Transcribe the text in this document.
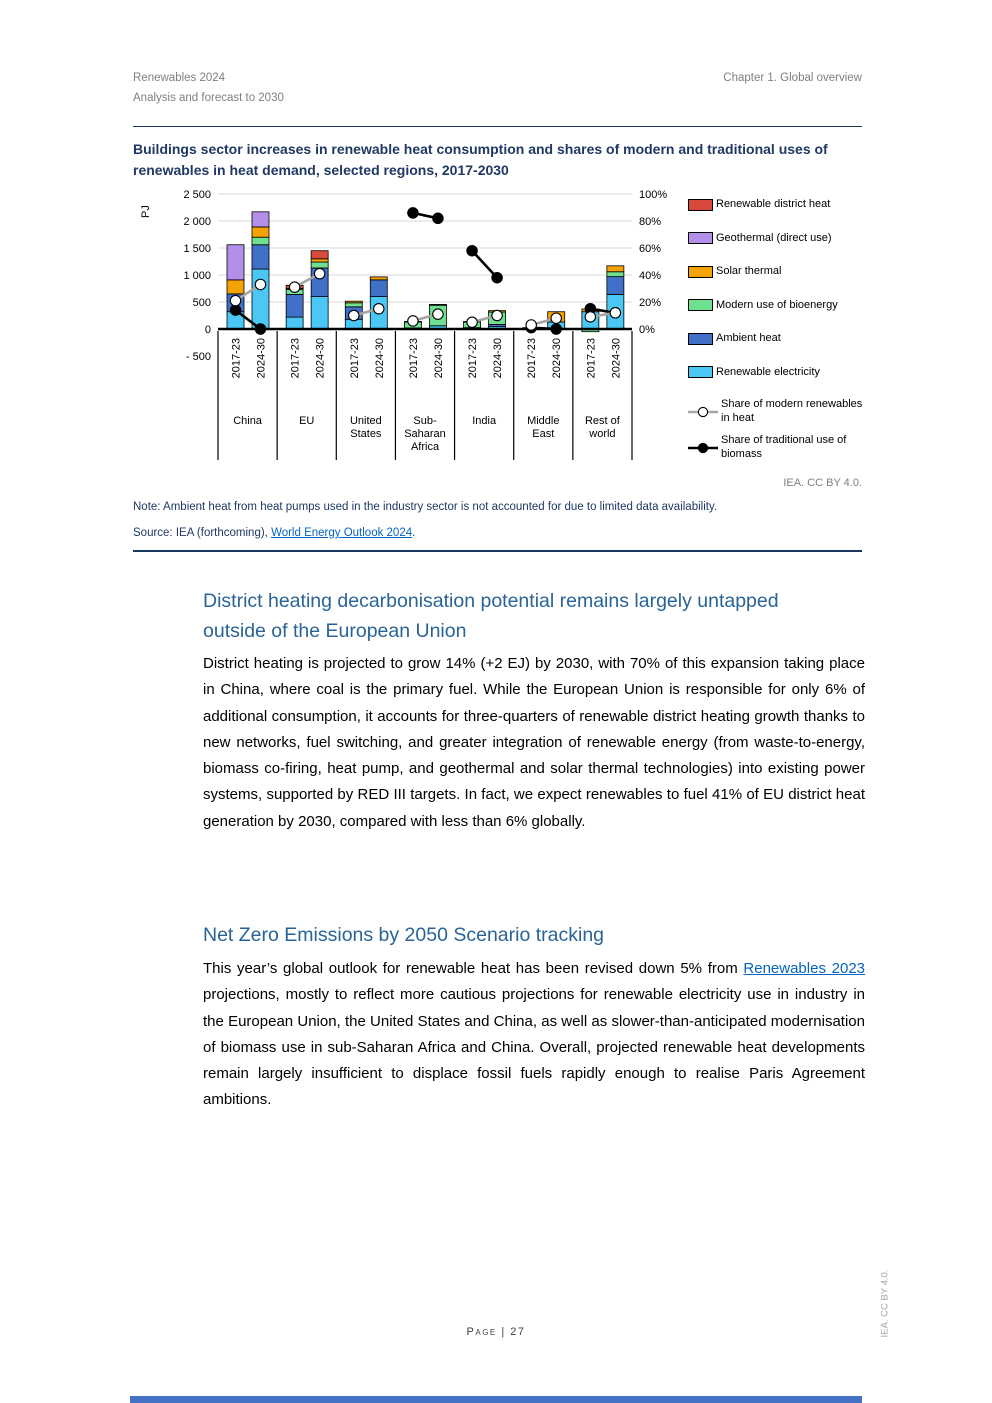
Renewables 2024
Analysis and forecast to 2030
Chapter 1. Global overview
Buildings sector increases in renewable heat consumption and shares of modern and traditional uses of renewables in heat demand, selected regions, 2017-2030
2 500
2 000
1 500
1 000
500
0
- 500
100%
80%
60%
40%
20%
0%
PJ
2017-23 2024-30 2017-23 2024-30 2017-23 2024-30 2017-23 2024-30 2017-23 2024-30 2017-23 2024-30 2017-23 2024-30
China	EU	United States
Sub-Saharan Africa
India	Middle East
Rest of world
Renewable district heat
Geothermal (direct use)
Solar thermal
Modern use of bioenergy
Ambient heat
Renewable electricity
Share of modern renewables in heat
Share of traditional use of biomass
IEA. CC BY 4.0.
Note: Ambient heat from heat pumps used in the industry sector is not accounted for due to limited data availability.
Source: IEA (forthcoming), World Energy Outlook 2024.
District heating decarbonisation potential remains largely untapped outside of the European Union
District heating is projected to grow 14% (+2 EJ) by 2030, with 70% of this expansion taking place in China, where coal is the primary fuel. While the European Union is responsible for only 6% of additional consumption, it accounts for three-quarters of renewable district heating growth thanks to new networks, fuel switching, and greater integration of renewable energy (from waste-to-energy, biomass co-firing, heat pump, and geothermal and solar thermal technologies) into existing power systems, supported by RED III targets. In fact, we expect renewables to fuel 41% of EU district heat generation by 2030, compared with less than 6% globally.
Net Zero Emissions by 2050 Scenario tracking
This year’s global outlook for renewable heat has been revised down 5% from Renewables 2023 projections, mostly to reflect more cautious projections for renewable electricity use in industry in the European Union, the United States and China, as well as slower-than-anticipated modernisation of biomass use in sub-Saharan Africa and China. Overall, projected renewable heat developments remain largely insufficient to displace fossil fuels rapidly enough to realise Paris Agreement ambitions.
Page | 27	IEA. CC BY 4.0.
